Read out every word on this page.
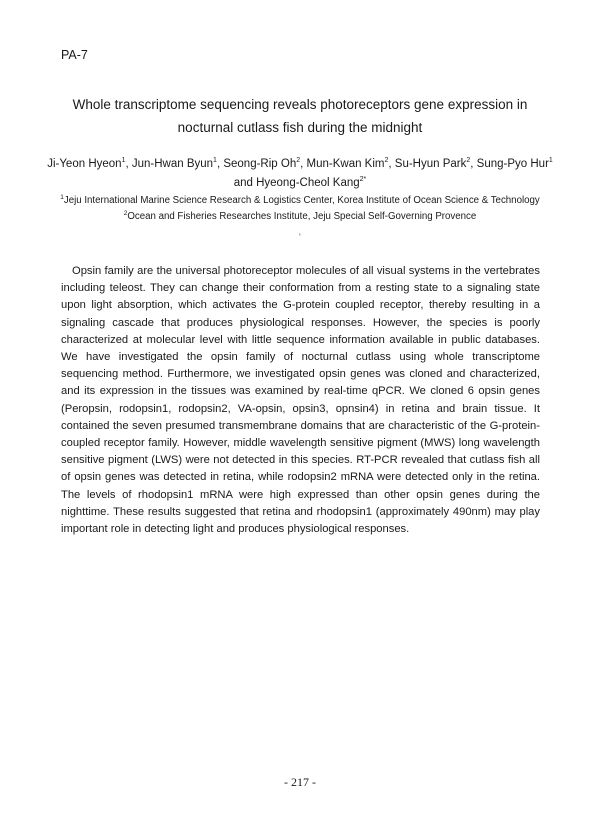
PA-7
Whole transcriptome sequencing reveals photoreceptors gene expression in
nocturnal cutlass fish during the midnight
Ji-Yeon Hyeon$^1$, Jun-Hwan Byun$^1$, Seong-Rip Oh$^2$, Mun-Kwan Kim$^2$, Su-Hyun Park$^2$, Sung-Pyo Hur$^1$
and Hyeong-Cheol Kang$^{2*}$
$^1$Jeju International Marine Science Research & Logistics Center, Korea Institute of Ocean Science & Technology
$^2$Ocean and Fisheries Researches Institute, Jeju Special Self-Governing Provence
'

Opsin family are the universal photoreceptor molecules of all visual systems in the vertebrates including teleost. They can change their conformation from a resting state to a signaling state upon light absorption, which activates the G-protein coupled receptor, thereby resulting in a signaling cascade that produces physiological responses. However, the species is poorly characterized at molecular level with little sequence information available in public databases. We have investigated the opsin family of nocturnal cutlass using whole transcriptome sequencing method. Furthermore, we investigated opsin genes was cloned and characterized, and its expression in the tissues was examined by real-time qPCR. We cloned 6 opsin genes (Peropsin, rodopsin1, rodopsin2, VA-opsin, opsin3, opnsin4) in retina and brain tissue. It contained the seven presumed transmembrane domains that are characteristic of the G-protein-coupled receptor family. However, middle wavelength sensitive pigment (MWS) long wavelength sensitive pigment (LWS) were not detected in this species. RT-PCR revealed that cutlass fish all of opsin genes was detected in retina, while rodopsin2 mRNA were detected only in the retina. The levels of rhodopsin1 mRNA were high expressed than other opsin genes during the nighttime. These results suggested that retina and rhodopsin1 (approximately 490nm) may play important role in detecting light and produces physiological responses.

- 217 -
